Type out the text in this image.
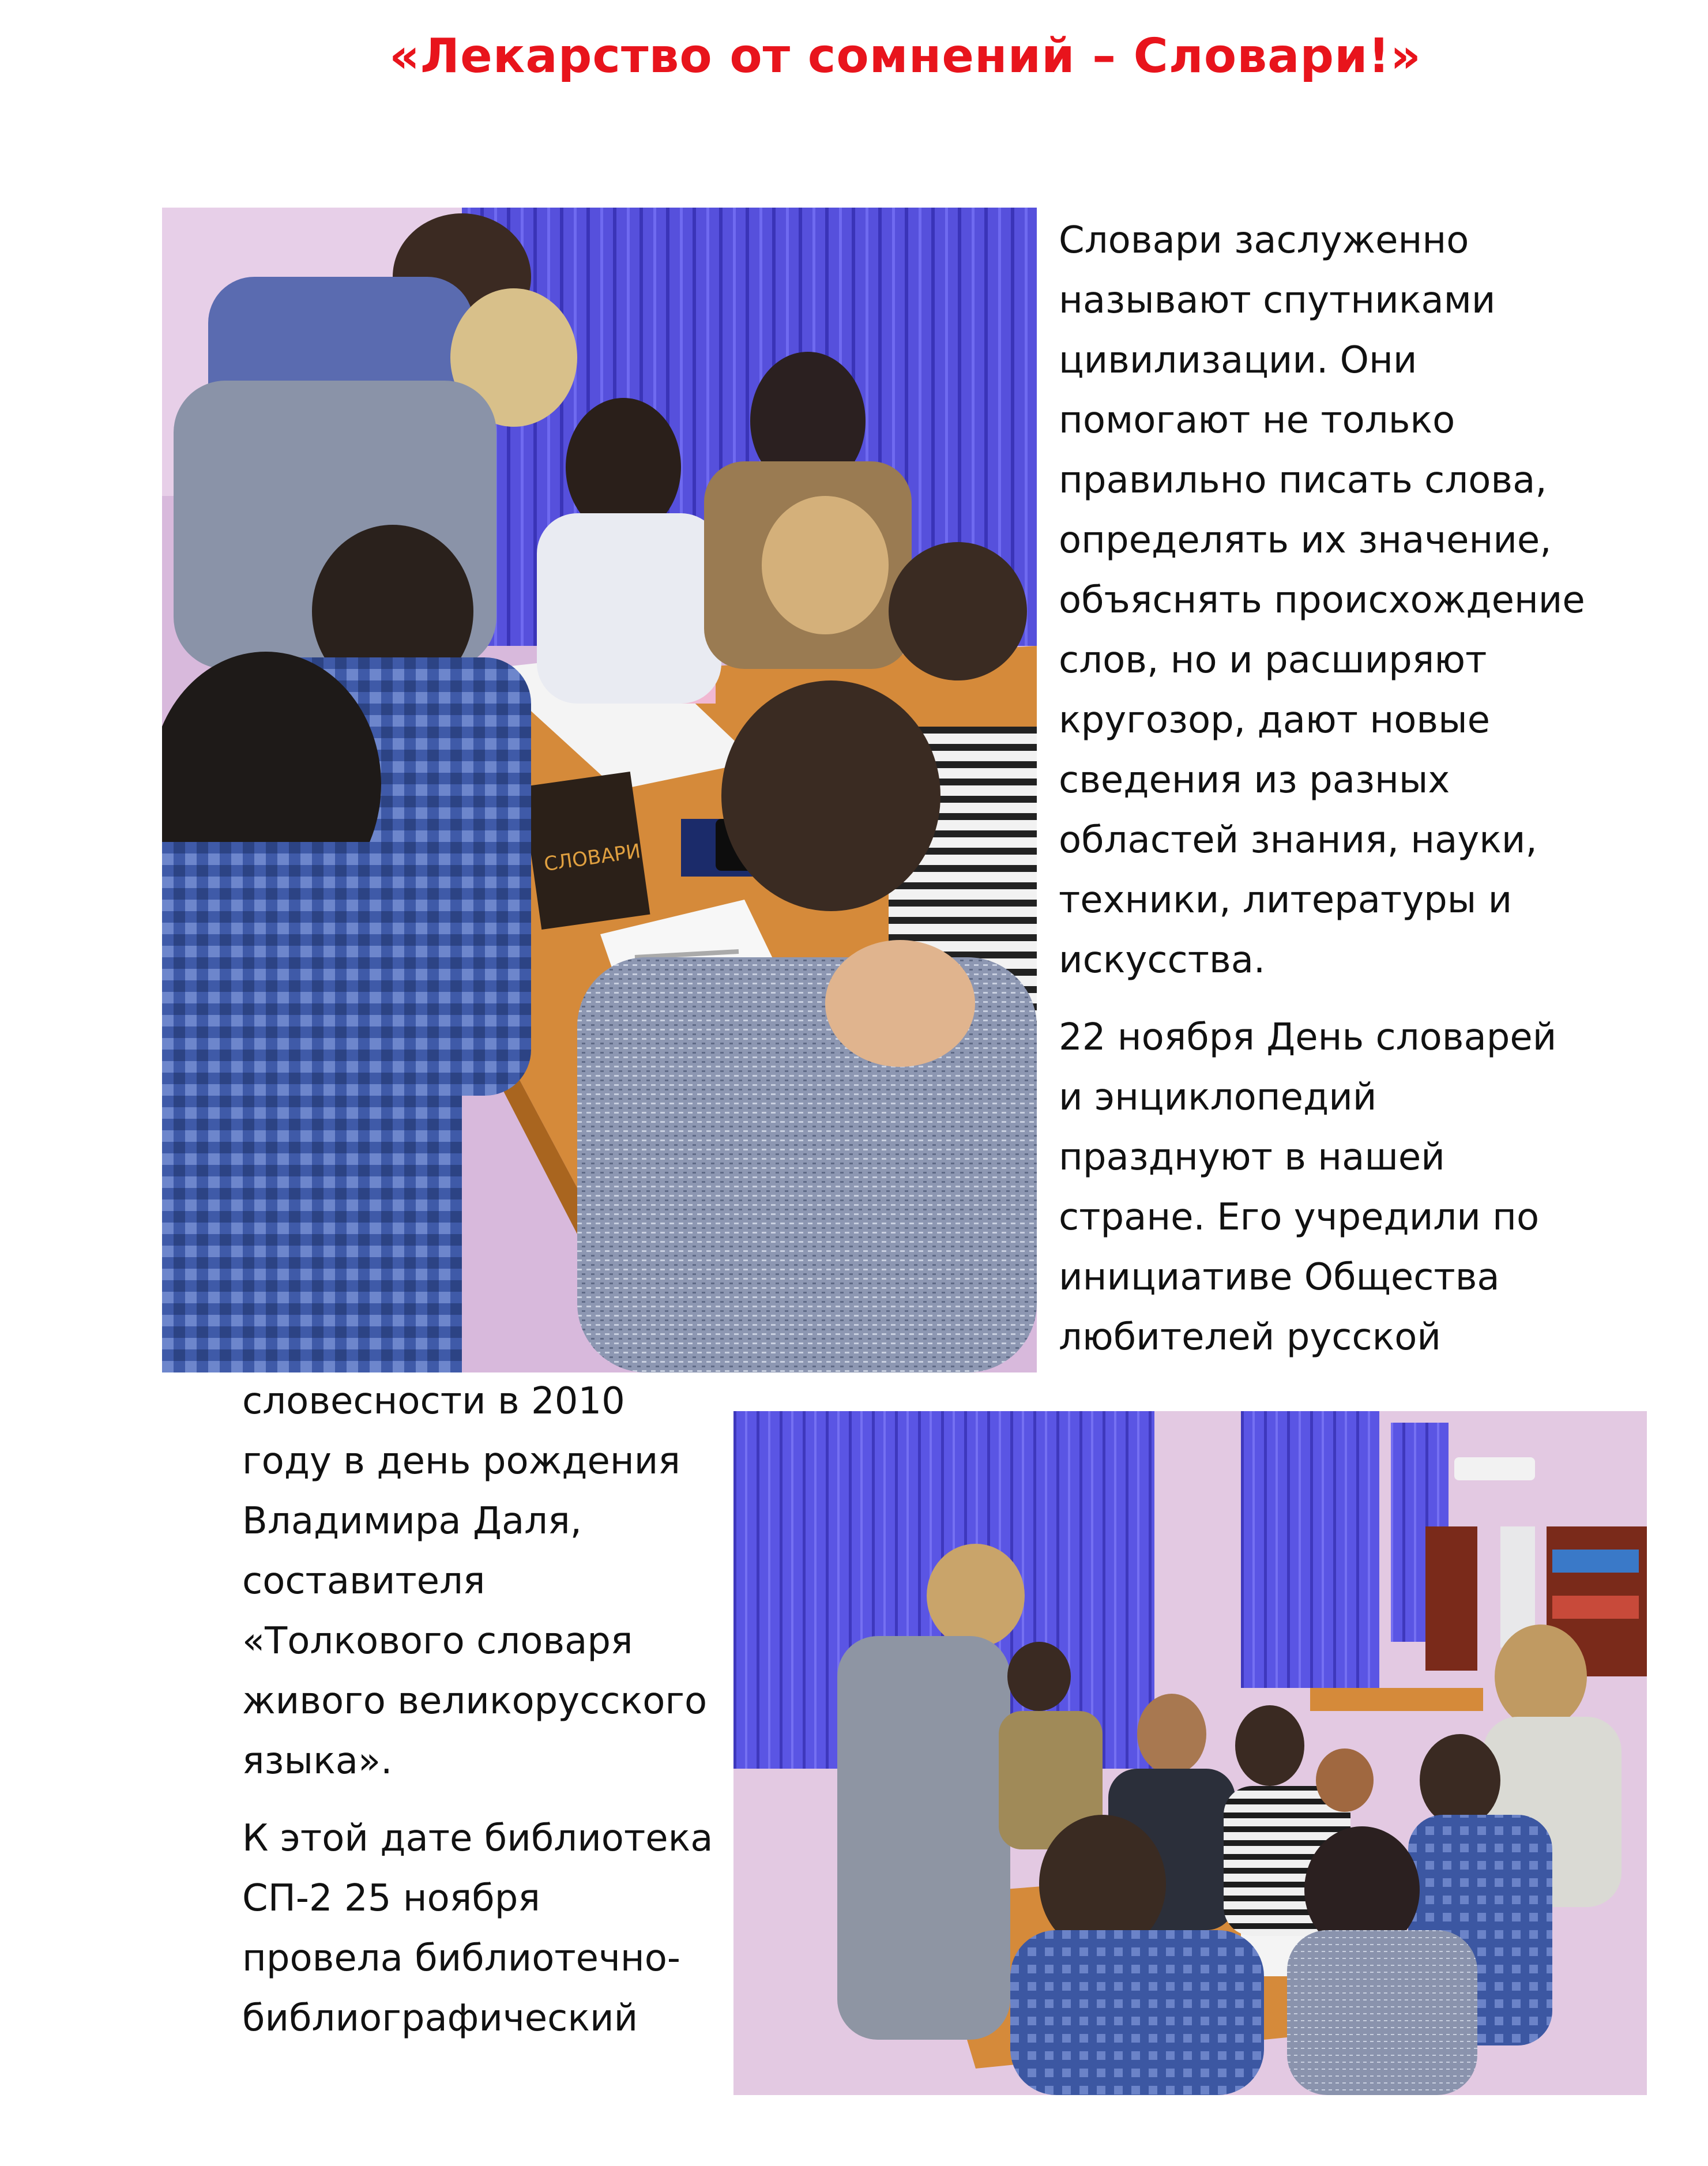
«Лекарство от сомнений – Словари!»
СЛОВАРИ

Словари заслуженно
называют спутниками
цивилизации. Они
помогают не только
правильно писать слова,
определять их значение,
объяснять происхождение
слов, но и расширяют
кругозор, дают новые
сведения из разных
областей знания, науки,
техники, литературы и
искусства.

22 ноября День словарей
и энциклопедий
празднуют в нашей
стране. Его учредили по
инициативе Общества
любителей русской

словесности в 2010
году в день рождения
Владимира Даля,
составителя
«Толкового словаря
живого великорусского
языка».

К этой дате библиотека
СП-2 25 ноября
провела библиотечно-
библиографический
